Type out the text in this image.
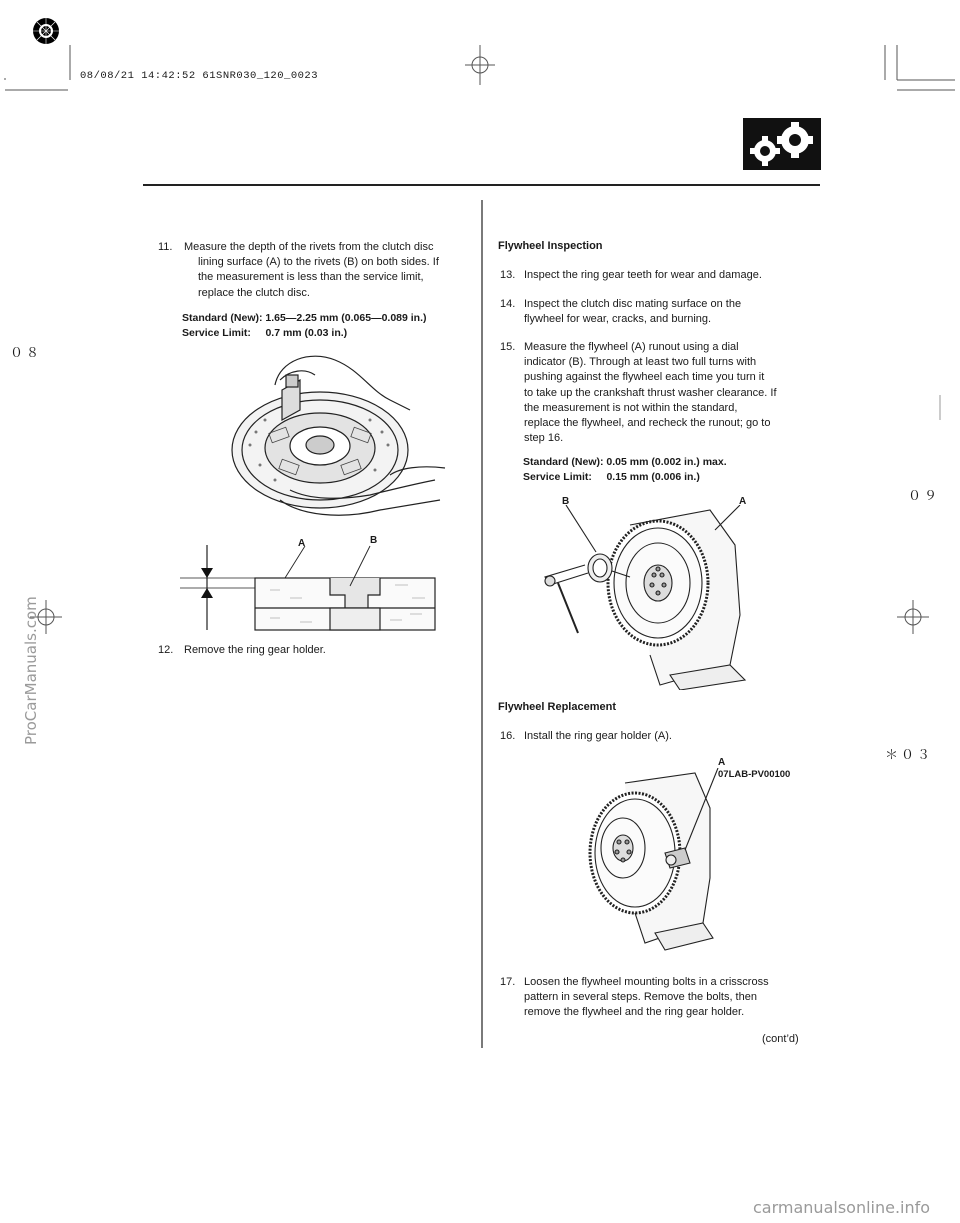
08/08/21 14:42:52 61SNR030_120_0023
０８
０９
＊０３
11. Measure the depth of the rivets from the clutch disc
lining surface (A) to the rivets (B) on both sides. If
the measurement is less than the service limit,
replace the clutch disc.
Standard (New): 1.65—2.25 mm (0.065—0.089 in.)
Service Limit:     0.7 mm (0.03 in.)
A	B
12. Remove the ring gear holder.
Flywheel Inspection
13. Inspect the ring gear teeth for wear and damage.
14. Inspect the clutch disc mating surface on the
flywheel for wear, cracks, and burning.
15. Measure the flywheel (A) runout using a dial
indicator (B). Through at least two full turns with
pushing against the flywheel each time you turn it
to take up the crankshaft thrust washer clearance. If
the measurement is not within the standard,
replace the flywheel, and recheck the runout; go to
step 16.
Standard (New): 0.05 mm (0.002 in.) max.
Service Limit:     0.15 mm (0.006 in.)
B	A
Flywheel Replacement
16. Install the ring gear holder (A).
A
07LAB-PV00100
17. Loosen the flywheel mounting bolts in a crisscross
pattern in several steps. Remove the bolts, then
remove the flywheel and the ring gear holder.
(cont’d)
ProCarManuals.com
carmanualsonline.info
